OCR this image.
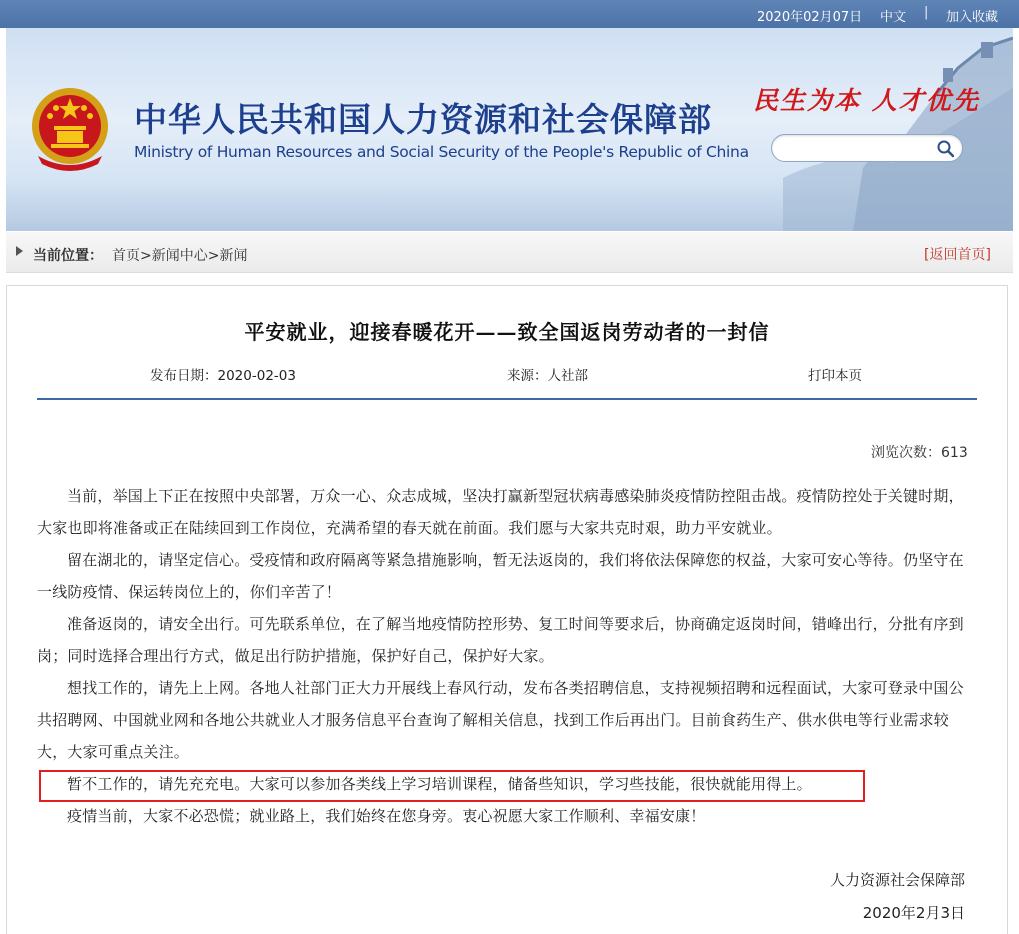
2020年02月07日 中文 | 加入收藏
中华人民共和国人力资源和社会保障部
Ministry of Human Resources and Social Security of the People's Republic of China
民生为本 人才优先
当前位置： 首页>新闻中心>新闻	[返回首页]
平安就业，迎接春暖花开——致全国返岗劳动者的一封信
发布日期：2020-02-03	来源：人社部	打印本页
浏览次数：613

当前，举国上下正在按照中央部署，万众一心、众志成城，坚决打赢新型冠状病毒感染肺炎疫情防控阻击战。疫情防控处于关键时期，大家也即将准备或正在陆续回到工作岗位，充满希望的春天就在前面。我们愿与大家共克时艰，助力平安就业。

留在湖北的，请坚定信心。受疫情和政府隔离等紧急措施影响，暂无法返岗的，我们将依法保障您的权益，大家可安心等待。仍坚守在一线防疫情、保运转岗位上的，你们辛苦了！

准备返岗的，请安全出行。可先联系单位，在了解当地疫情防控形势、复工时间等要求后，协商确定返岗时间，错峰出行，分批有序到岗；同时选择合理出行方式，做足出行防护措施，保护好自己，保护好大家。

想找工作的，请先上上网。各地人社部门正大力开展线上春风行动，发布各类招聘信息，支持视频招聘和远程面试，大家可登录中国公共招聘网、中国就业网和各地公共就业人才服务信息平台查询了解相关信息，找到工作后再出门。目前食药生产、供水供电等行业需求较大，大家可重点关注。

暂不工作的，请先充充电。大家可以参加各类线上学习培训课程，储备些知识，学习些技能，很快就能用得上。

疫情当前，大家不必恐慌；就业路上，我们始终在您身旁。衷心祝愿大家工作顺利、幸福安康！

人力资源社会保障部
2020年2月3日
